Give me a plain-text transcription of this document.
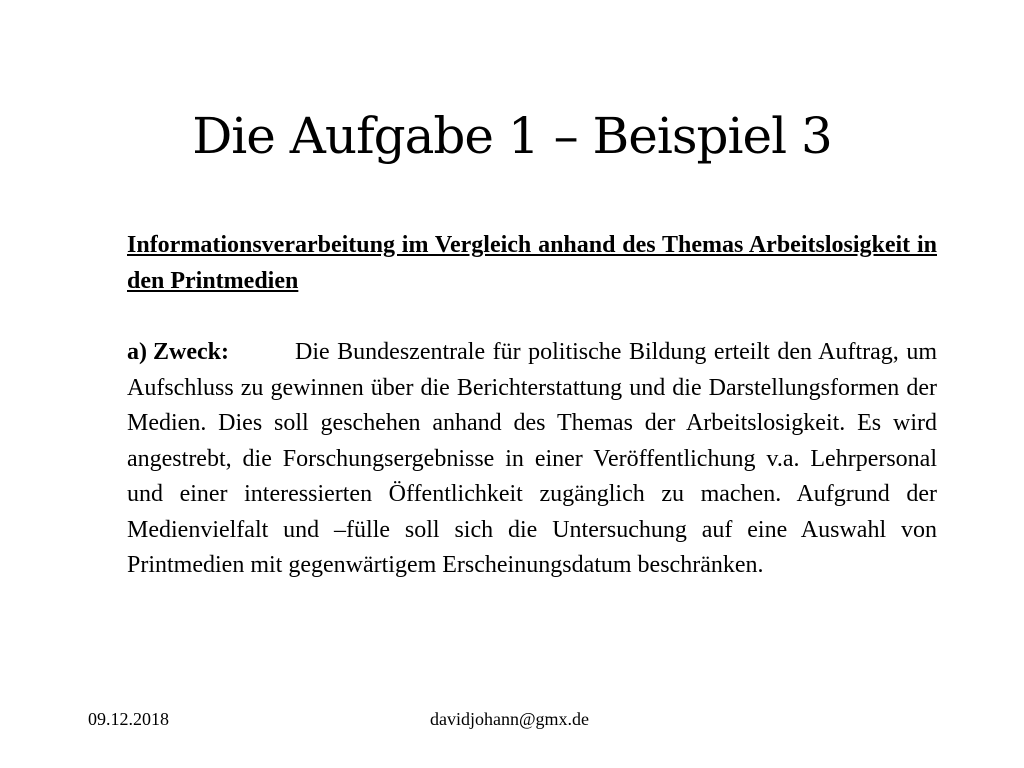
Die Aufgabe 1 – Beispiel 3

Informationsverarbeitung im Vergleich anhand des Themas Arbeitslosigkeit in den Printmedien

a) Zweck:	Die Bundeszentrale für politische Bildung erteilt den Auftrag, um Aufschluss zu gewinnen über die Berichterstattung und die Darstellungsformen der Medien. Dies soll geschehen anhand des Themas der Arbeitslosigkeit. Es wird angestrebt, die Forschungsergebnisse in einer Veröffentlichung v.a. Lehrpersonal und einer interessierten Öffentlichkeit zugänglich zu machen. Aufgrund der Medienvielfalt und –fülle soll sich die Untersuchung auf eine Auswahl von Printmedien mit gegenwärtigem Erscheinungsdatum beschränken.

09.12.2018	davidjohann@gmx.de
